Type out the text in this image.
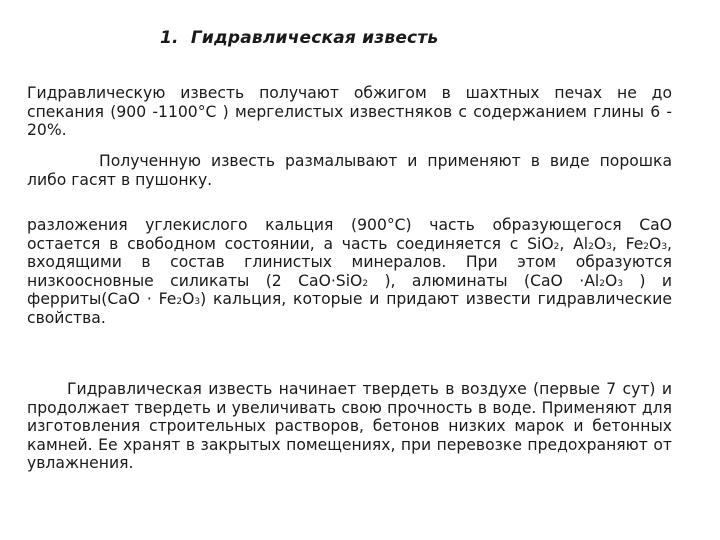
1. Гидравлическая известь
Гидравлическую известь получают обжигом в шахтных печах не до спекания (900 -1100°С ) мергелистых известняков с содержанием глины 6 - 20%.
Полученную известь размалывают и применяют в виде порошка либо гасят в пушонку.
разложения углекислого кальция (900°С) часть образующегося CaO остается в свободном состоянии, а часть соединяется с SiO2, Al2O3, Fe2O3, входящими в состав глинистых минералов. При этом образуются низкоосновные силикаты (2 CaO·SiO2 ), алюминаты (CaO ·Al2O3 ) и ферриты(CaO · Fe2O3) кальция, которые и придают извести гидравлические свойства.
Гидравлическая известь начинает твердеть в воздухе (первые 7 сут) и продолжает твердеть и увеличивать свою прочность в воде. Применяют для изготовления строительных растворов, бетонов низких марок и бетонных камней. Ее хранят в закрытых помещениях, при перевозке предохраняют от увлажнения.
